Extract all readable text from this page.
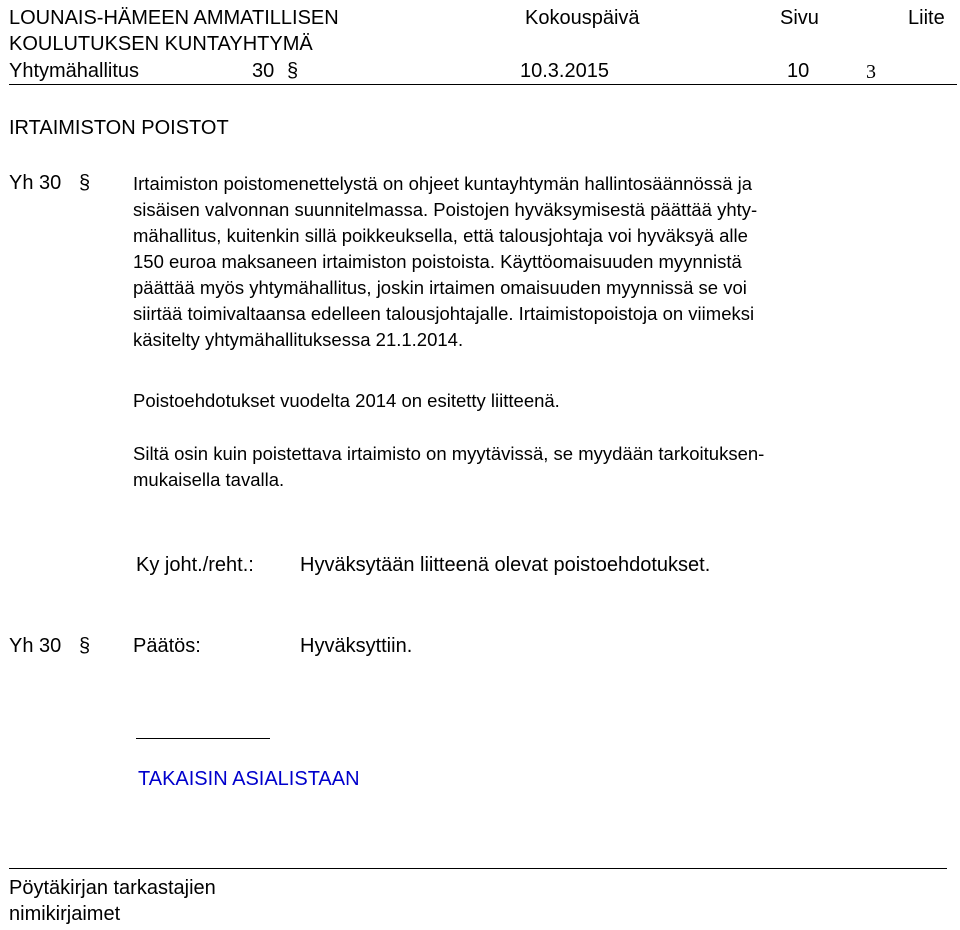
LOUNAIS-HÄMEEN AMMATILLISEN	Kokouspäivä	Sivu	Liite
KOULUTUKSEN KUNTAYHTYMÄ
Yhtymähallitus	30 §	10.3.2015	10	3
IRTAIMISTON POISTOT
Yh 30 § Irtaimiston poistomenettelystä on ohjeet kuntayhtymän hallintosäännössä ja
sisäisen valvonnan suunnitelmassa. Poistojen hyväksymisestä päättää yhty-
mähallitus, kuitenkin sillä poikkeuksella, että talousjohtaja voi hyväksyä alle
150 euroa maksaneen irtaimiston poistoista. Käyttöomaisuuden myynnistä
päättää myös yhtymähallitus, joskin irtaimen omaisuuden myynnissä se voi
siirtää toimivaltaansa edelleen talousjohtajalle. Irtaimistopoistoja on viimeksi
käsitelty yhtymähallituksessa 21.1.2014.
Poistoehdotukset vuodelta 2014 on esitetty liitteenä.
Siltä osin kuin poistettava irtaimisto on myytävissä, se myydään tarkoituksen-
mukaisella tavalla.
Ky joht./reht.: Hyväksytään liitteenä olevat poistoehdotukset.
Yh 30 § Päätös:	Hyväksyttiin.
TAKAISIN ASIALISTAAN
Pöytäkirjan tarkastajien
nimikirjaimet
